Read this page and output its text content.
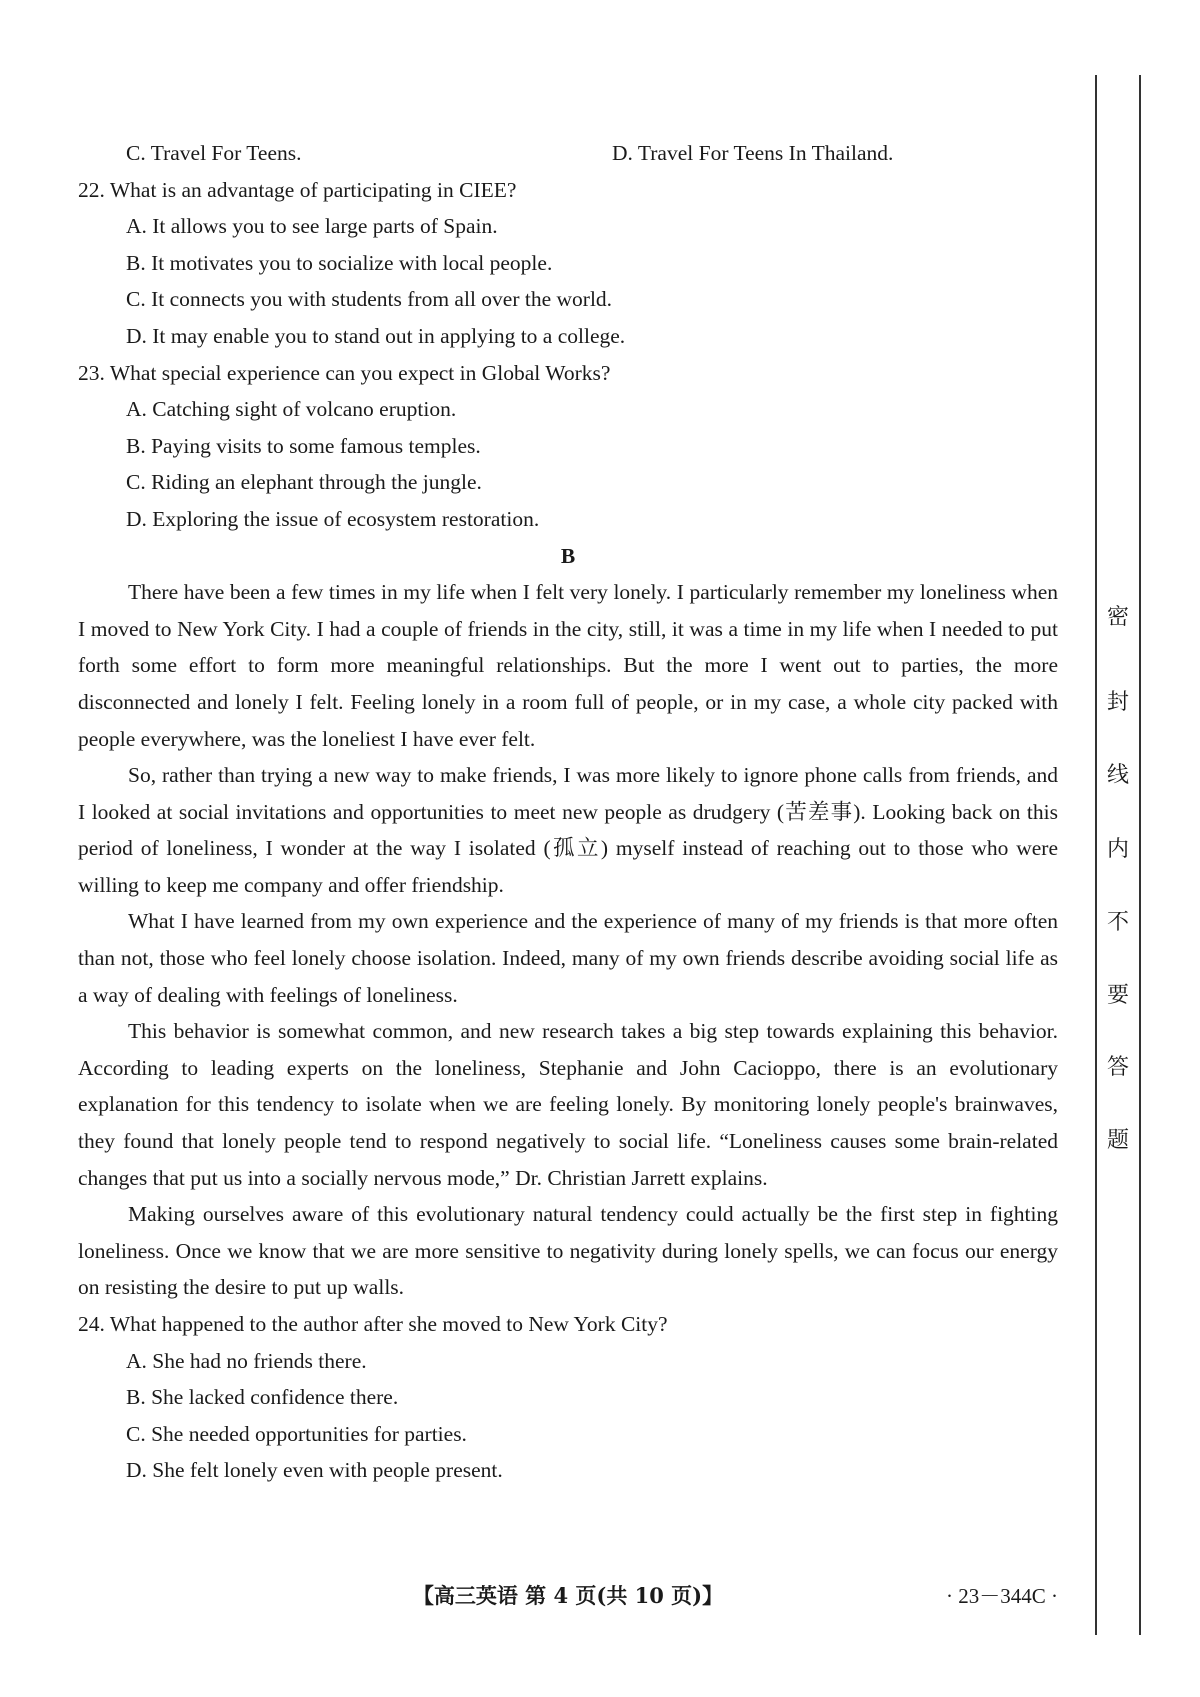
C. Travel For Teens.	D. Travel For Teens In Thailand.
22. What is an advantage of participating in CIEE?
A. It allows you to see large parts of Spain.
B. It motivates you to socialize with local people.
C. It connects you with students from all over the world.
D. It may enable you to stand out in applying to a college.
23. What special experience can you expect in Global Works?
A. Catching sight of volcano eruption.
B. Paying visits to some famous temples.
C. Riding an elephant through the jungle.
D. Exploring the issue of ecosystem restoration.
B

There have been a few times in my life when I felt very lonely. I particularly remember my loneliness when I moved to New York City. I had a couple of friends in the city, still, it was a time in my life when I needed to put forth some effort to form more meaningful relationships. But the more I went out to parties, the more disconnected and lonely I felt. Feeling lonely in a room full of people, or in my case, a whole city packed with people everywhere, was the loneliest I have ever felt.

So, rather than trying a new way to make friends, I was more likely to ignore phone calls from friends, and I looked at social invitations and opportunities to meet new people as drudgery (苦差事). Looking back on this period of loneliness, I wonder at the way I isolated (孤立) myself instead of reaching out to those who were willing to keep me company and offer friendship.

What I have learned from my own experience and the experience of many of my friends is that more often than not, those who feel lonely choose isolation. Indeed, many of my own friends describe avoiding social life as a way of dealing with feelings of loneliness.

This behavior is somewhat common, and new research takes a big step towards explaining this behavior. According to leading experts on the loneliness, Stephanie and John Cacioppo, there is an evolutionary explanation for this tendency to isolate when we are feeling lonely. By monitoring lonely people's brainwaves, they found that lonely people tend to respond negatively to social life. “Loneliness causes some brain-related changes that put us into a socially nervous mode,” Dr. Christian Jarrett explains.

Making ourselves aware of this evolutionary natural tendency could actually be the first step in fighting loneliness. Once we know that we are more sensitive to negativity during lonely spells, we can focus our energy on resisting the desire to put up walls.

24. What happened to the author after she moved to New York City?
A. She had no friends there.
B. She lacked confidence there.
C. She needed opportunities for parties.
D. She felt lonely even with people present.
【高三英语 第 4 页(共 10 页)】	· 23－344C ·
密
封
线
内
不
要
答
题
